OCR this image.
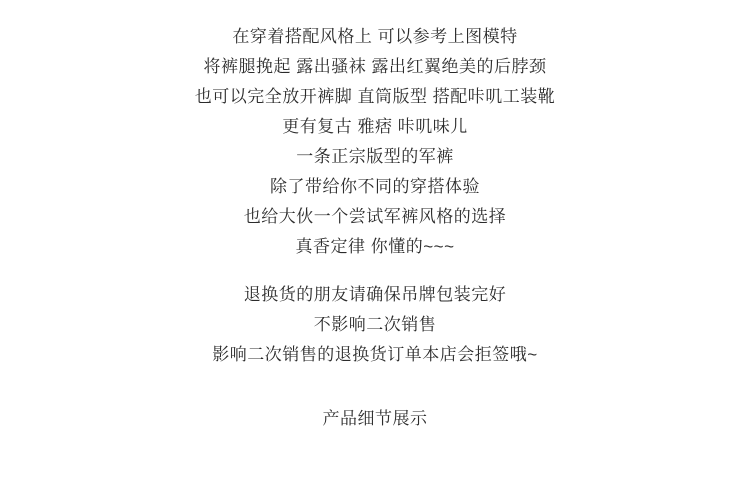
在穿着搭配风格上 可以参考上图模特
将裤腿挽起 露出骚袜 露出红翼绝美的后脖颈
也可以完全放开裤脚 直筒版型 搭配咔叽工装靴
更有复古 雅痞 咔叽味儿
一条正宗版型的军裤
除了带给你不同的穿搭体验
也给大伙一个尝试军裤风格的选择
真香定律 你懂的~~~
退换货的朋友请确保吊牌包装完好
不影响二次销售
影响二次销售的退换货订单本店会拒签哦~
产品细节展示
